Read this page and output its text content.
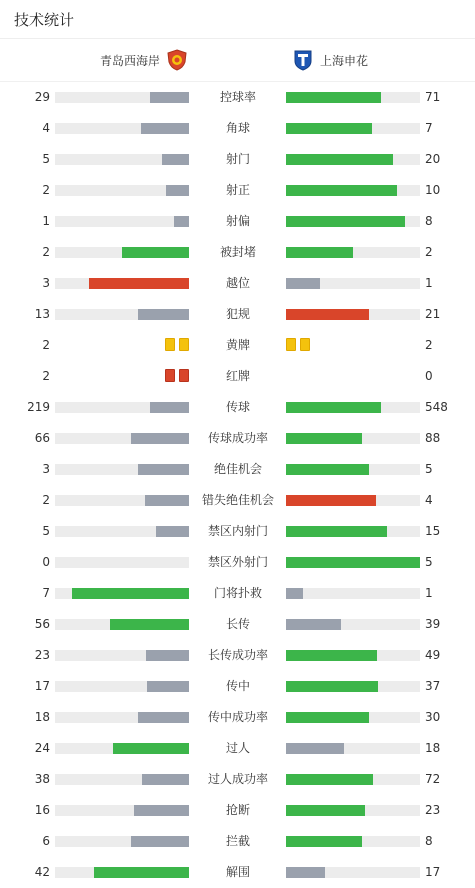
技术统计
青岛西海岸	上海申花
29	控球率	71
4	角球	7
5	射门	20
2	射正	10
1	射偏	8
2	被封堵	2
3	越位	1
13	犯规	21
2	黄牌	2
2	红牌	0
219	传球	548
66	传球成功率	88
3	绝佳机会	5
2	错失绝佳机会	4
5	禁区内射门	15
0	禁区外射门	5
7	门将扑救	1
56	长传	39
23	长传成功率	49
17	传中	37
18	传中成功率	30
24	过人	18
38	过人成功率	72
16	抢断	23
6	拦截	8
42	解围	17
